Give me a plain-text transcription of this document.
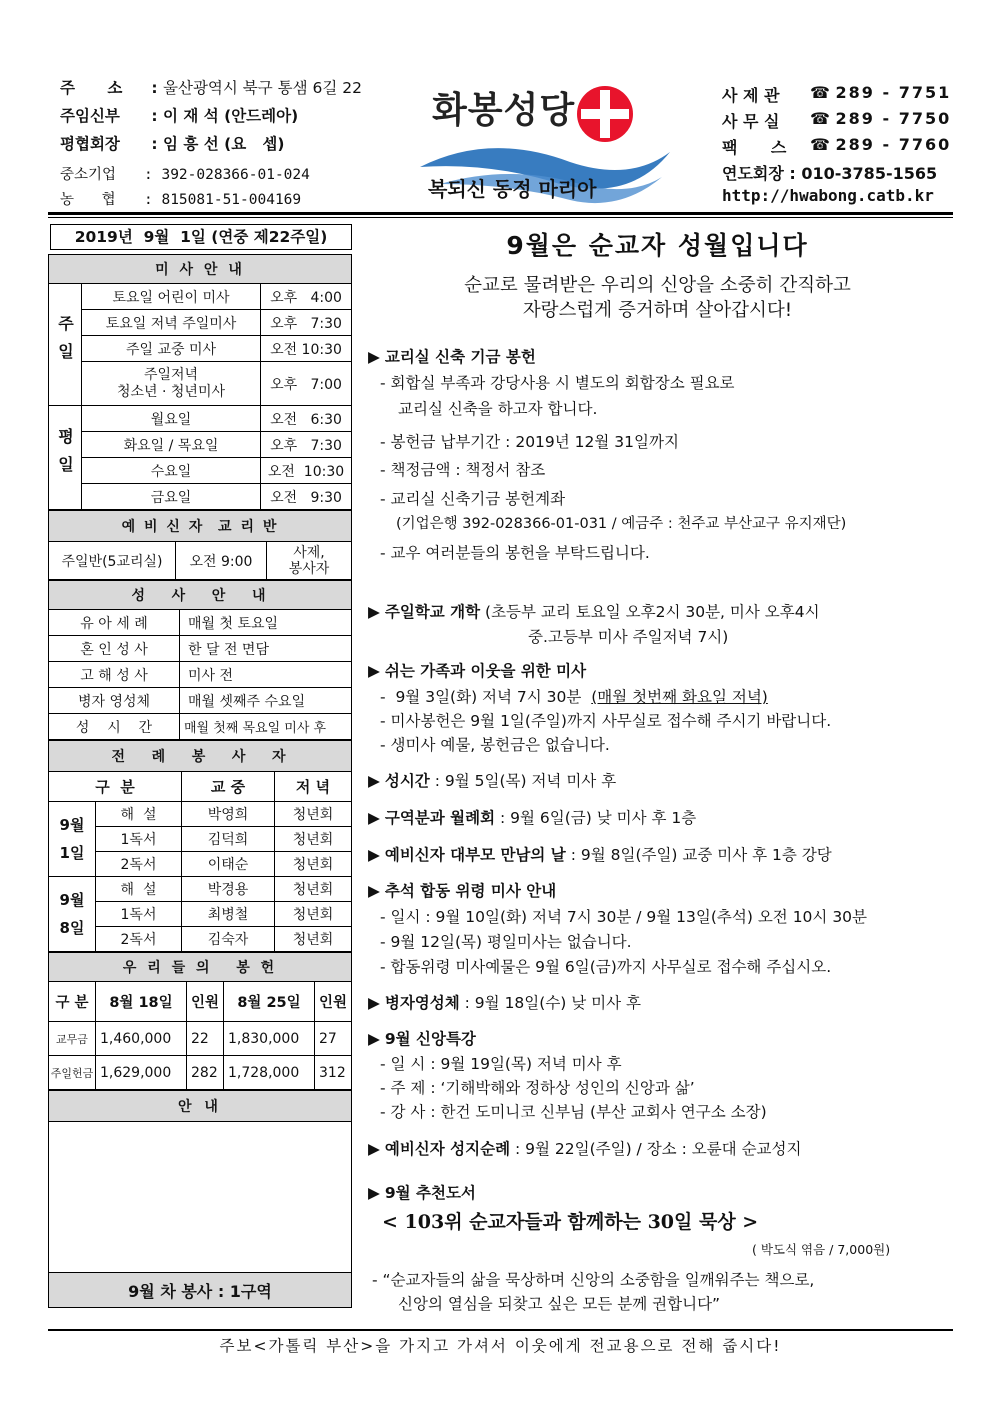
주      소 : 울산광역시 북구 통샘 6길 22
주임신부 : 이 재 석 (안드레아)
평협회장 : 임 흥 선 (요   셉)
중소기업 : 392-028366-01-024
농      협 : 815081-51-004169
화봉성당
복되신 동정 마리아
사 제 관 ☎ 289 - 7751
사 무 실 ☎ 289 - 7750
팩      스 ☎ 289 - 7760
연도회장 : 010-3785-1565
http://hwabong.catb.kr
2019년  9월  1일 (연중 제22주일)
미 사 안 내		
주일	토요일 어린이 미사	오후   4:00
	토요일 저녁 주일미사	오후   7:30
	주일 교중 미사	오전 10:30
	주일저녁
청소년 · 청년미사	오후   7:00
평일	월요일	오전   6:30
	화요일 / 목요일	오후   7:30
	수요일	오전  10:30
	금요일	오전   9:30
예 비 신 자  교 리 반
주일반(5교리실)	오전 9:00	사제,
봉사자
성   사   안   내	
유 아 세 례	매월 첫 토요일
혼 인 성 사	한 달 전 면담
고 해 성 사	미사 전
병자 영성체	매월 셋째주 수요일
성    시    간	매월 첫째 목요일 미사 후
전   례   봉   사   자			
구  분		교 중	저 녁
9월
1일	해  설	박영희	청년회
	1독서	김덕희	청년회
	2독서	이태순	청년회
9월
8일	해  설	박경용	청년회
	1독서	최병철	청년회
	2독서	김숙자	청년회
우 리 들 의   봉 헌				
구 분	8월 18일	인원	8월 25일	인원
교무금	1,460,000	22	1,830,000	27
주일헌금	1,629,000	282	1,728,000	312
안 내

9월 차 봉사 : 1구역
9월은 순교자 성월입니다
순교로 물려받은 우리의 신앙을 소중히 간직하고
자랑스럽게 증거하며 살아갑시다!
▶ 교리실 신축 기금 봉헌
- 회합실 부족과 강당사용 시 별도의 회합장소 필요로
교리실 신축을 하고자 합니다.
- 봉헌금 납부기간 : 2019년 12월 31일까지
- 책정금액 : 책정서 참조
- 교리실 신축기금 봉헌계좌
(기업은행 392-028366-01-031 / 예금주 : 천주교 부산교구 유지재단)
- 교우 여러분들의 봉헌을 부탁드립니다.
▶ 주일학교 개학 (초등부 교리 토요일 오후2시 30분, 미사 오후4시
중.고등부 미사 주일저녁 7시)
▶ 쉬는 가족과 이웃을 위한 미사
-  9월 3일(화) 저녁 7시 30분  (매월 첫번째 화요일 저녁)
- 미사봉헌은 9월 1일(주일)까지 사무실로 접수해 주시기 바랍니다.
- 생미사 예물, 봉헌금은 없습니다.
▶ 성시간 : 9월 5일(목) 저녁 미사 후
▶ 구역분과 월례회 : 9월 6일(금) 낮 미사 후 1층
▶ 예비신자 대부모 만남의 날 : 9월 8일(주일) 교중 미사 후 1층 강당
▶ 추석 합동 위령 미사 안내
- 일시 : 9월 10일(화) 저녁 7시 30분 / 9월 13일(추석) 오전 10시 30분
- 9월 12일(목) 평일미사는 없습니다.
- 합동위령 미사예물은 9월 6일(금)까지 사무실로 접수해 주십시오.
▶ 병자영성체 : 9월 18일(수) 낮 미사 후
▶ 9월 신앙특강
- 일 시 : 9월 19일(목) 저녁 미사 후
- 주 제 : ‘기해박해와 정하상 성인의 신앙과 삶’
- 강 사 : 한건 도미니코 신부님 (부산 교회사 연구소 소장)
▶ 예비신자 성지순례 : 9월 22일(주일) / 장소 : 오륜대 순교성지
▶ 9월 추천도서
< 103위 순교자들과 함께하는 30일 묵상 >
( 박도식 엮음 / 7,000원)
- “순교자들의 삶을 묵상하며 신앙의 소중함을 일깨워주는 책으로,
신앙의 열심을 되찾고 싶은 모든 분께 권합니다”
주보<가톨릭 부산>을 가지고 가셔서 이웃에게 전교용으로 전해 줍시다!
